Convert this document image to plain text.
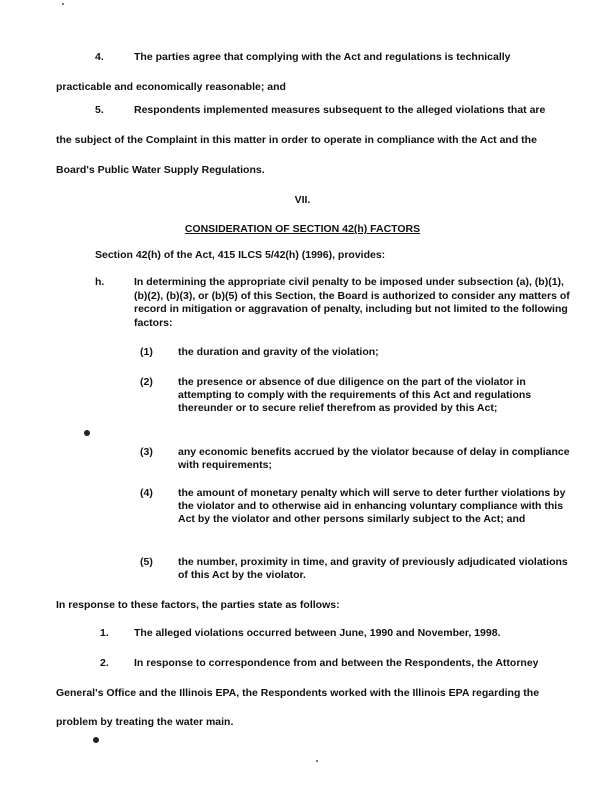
4.	The parties agree that complying with the Act and regulations is technically
practicable and economically reasonable; and
5.	Respondents implemented measures subsequent to the alleged violations that are
the subject of the Complaint in this matter in order to operate in compliance with the Act and the
Board's Public Water Supply Regulations.
VII.
CONSIDERATION OF SECTION 42(h) FACTORS
Section 42(h) of the Act, 415 ILCS 5/42(h) (1996), provides:
h.	In determining the appropriate civil penalty to be imposed under subsection (a), (b)(1), (b)(2), (b)(3), or (b)(5) of this Section, the Board is authorized to consider any matters of record in mitigation or aggravation of penalty, including but not limited to the following factors:
(1) the duration and gravity of the violation;
(2) the presence or absence of due diligence on the part of the violator in attempting to comply with the requirements of this Act and regulations thereunder or to secure relief therefrom as provided by this Act;
(3) any economic benefits accrued by the violator because of delay in compliance with requirements;
(4) the amount of monetary penalty which will serve to deter further violations by the violator and to otherwise aid in enhancing voluntary compliance with this Act by the violator and other persons similarly subject to the Act; and
(5) the number, proximity in time, and gravity of previously adjudicated violations of this Act by the violator.
In response to these factors, the parties state as follows:
1. The alleged violations occurred between June, 1990 and November, 1998.
2. In response to correspondence from and between the Respondents, the Attorney
General's Office and the Illinois EPA, the Respondents worked with the Illinois EPA regarding the
problem by treating the water main.
